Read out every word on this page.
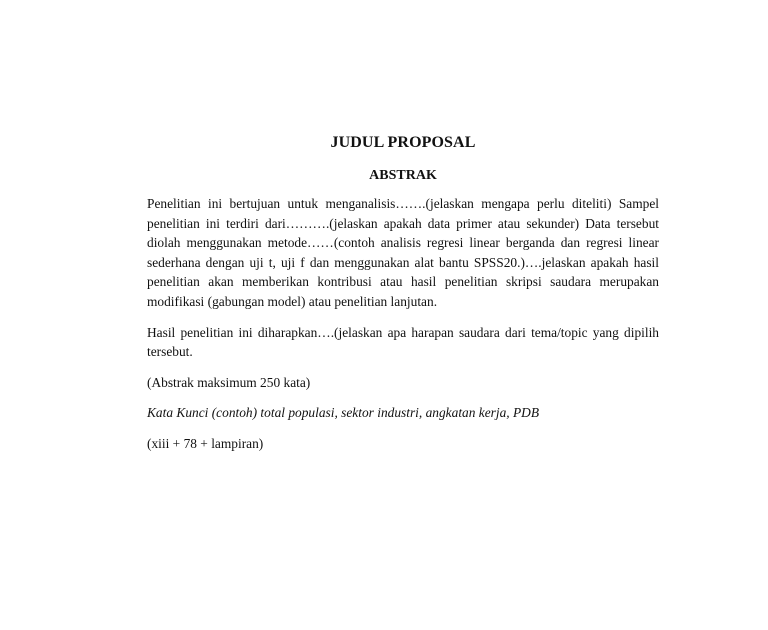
JUDUL PROPOSAL
ABSTRAK

Penelitian ini bertujuan untuk menganalisis…….(jelaskan mengapa perlu diteliti) Sampel penelitian ini terdiri dari……….(jelaskan apakah data primer atau sekunder) Data tersebut diolah menggunakan metode……(contoh analisis regresi linear berganda dan regresi linear sederhana dengan uji t, uji f dan menggunakan alat bantu SPSS20.)….jelaskan apakah hasil penelitian akan memberikan kontribusi atau hasil penelitian skripsi saudara merupakan modifikasi (gabungan model) atau penelitian lanjutan.

Hasil penelitian ini diharapkan….(jelaskan apa harapan saudara dari tema/topic yang dipilih tersebut.

(Abstrak maksimum 250 kata)

Kata Kunci (contoh) total populasi, sektor industri, angkatan kerja, PDB

(xiii + 78 + lampiran)
